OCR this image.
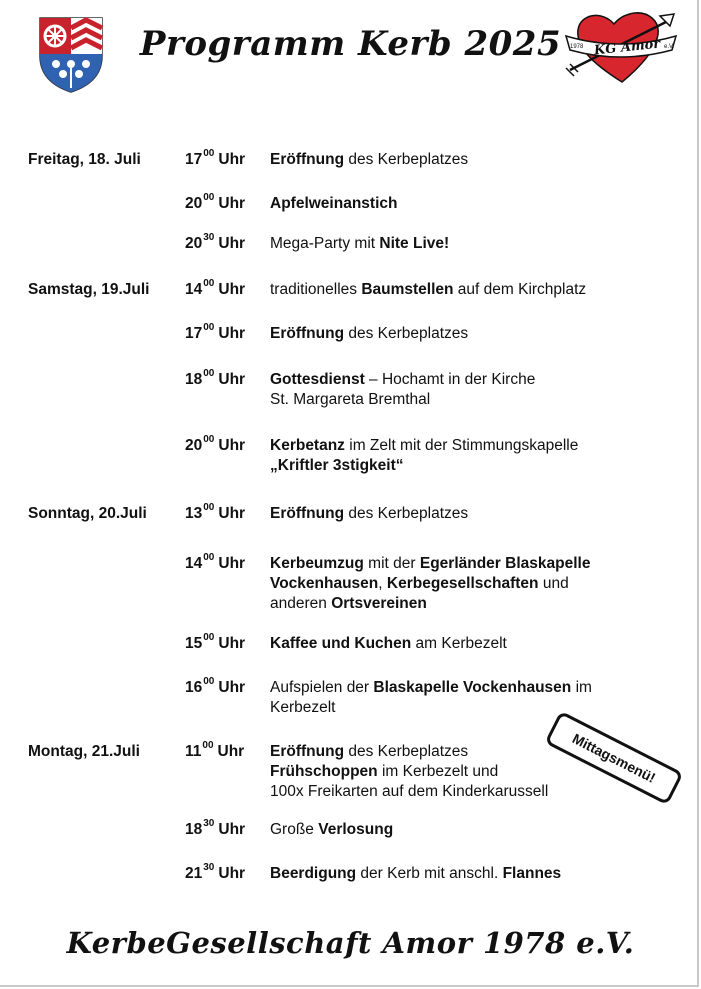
KG Amor
1978	e.V.
Programm Kerb 2025
Freitag, 18. Juli	$17^{00}$ Uhr Eröffnung des Kerbeplatzes
$20^{00}$ Uhr Apfelweinanstich
$20^{30}$ Uhr Mega-Party mit Nite Live!
Samstag, 19.Juli $14^{00}$ Uhr traditionelles Baumstellen auf dem Kirchplatz
$17^{00}$ Uhr Eröffnung des Kerbeplatzes
$18^{00}$ Uhr Gottesdienst – Hochamt in der Kirche
St. Margareta Bremthal
$20^{00}$ Uhr Kerbetanz im Zelt mit der Stimmungskapelle
„Kriftler 3stigkeit“
Sonntag, 20.Juli $13^{00}$ Uhr Eröffnung des Kerbeplatzes
$14^{00}$ Uhr Kerbeumzug mit der Egerländer Blaskapelle
Vockenhausen, Kerbegesellschaften und
anderen Ortsvereinen
$15^{00}$ Uhr Kaffee und Kuchen am Kerbezelt
$16^{00}$ Uhr Aufspielen der Blaskapelle Vockenhausen im
Kerbezelt
Montag, 21.Juli	$11^{00}$ Uhr Eröffnung des Kerbeplatzes
Frühschoppen im Kerbezelt und
100x Freikarten auf dem Kinderkarussell
$18^{30}$ Uhr Große Verlosung
$21^{30}$ Uhr Beerdigung der Kerb mit anschl. Flannes
Mittagsmenü!
KerbeGesellschaft Amor 1978 e.V.
